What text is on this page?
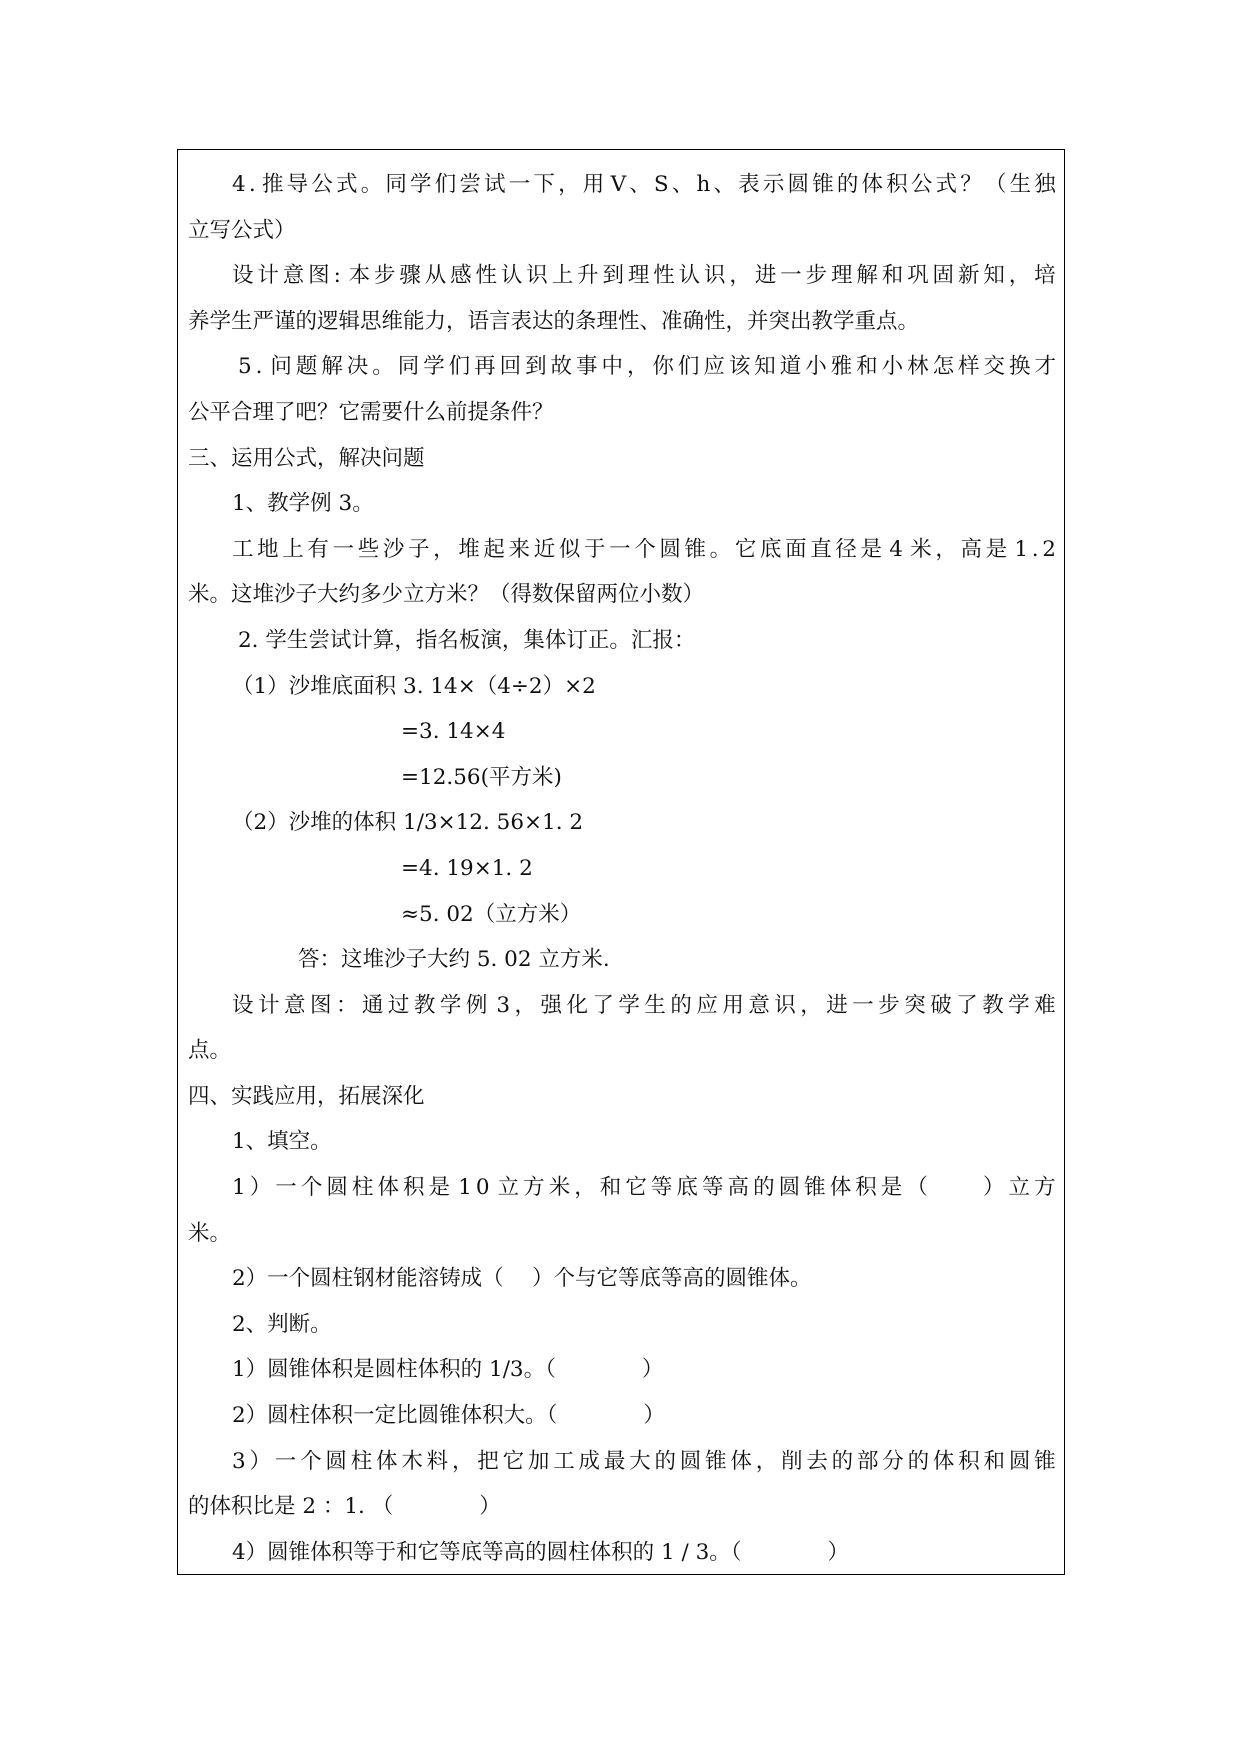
4 . 推 导 公 式 。 同 学 们 尝 试 一 下 ， 用 V 、 S 、 h 、 表 示 圆 锥 的 体 积 公 式 ？ （ 生 独
立写公式）
设 计 意 图 : 本 步 骤 从 感 性 认 识 上 升 到 理 性 认 识 ， 进 一 步 理 解 和 巩 固 新 知 ， 培
养学生严谨的逻辑思维能力，语言表达的条理性、准确性，并突出教学重点。
5 . 问 题 解 决 。 同 学 们 再 回 到 故 事 中 ， 你 们 应 该 知 道 小 雅 和 小 林 怎 样 交 换 才
公平合理了吧？它需要什么前提条件？
三、运用公式，解决问题
1、教学例 3。
工 地 上 有 一 些 沙 子 ， 堆 起 来 近 似 于 一 个 圆 锥 。 它 底 面 直 径 是 4 米 ， 高 是 1 . 2
米。这堆沙子大约多少立方米？（得数保留两位小数）
2. 学生尝试计算，指名板演，集体订正。汇报：
（1）沙堆底面积 3. 14×（4÷2）×2
=3. 14×4
=12.56(平方米)
（2）沙堆的体积 1/3×12. 56×1. 2
=4. 19×1. 2
≈5. 02（立方米）
答：这堆沙子大约 5. 02 立方米.
设 计 意 图 ： 通 过 教 学 例 3 ， 强 化 了 学 生 的 应 用 意 识 ， 进 一 步 突 破 了 教 学 难
点。
四、实践应用，拓展深化
1、填空。
1 ） 一 个 圆 柱 体 积 是 1 0 立 方 米 ， 和 它 等 底 等 高 的 圆 锥 体 积 是 （

　	） 立 方
米。
2）一个圆柱钢材能溶铸成（　 ）个与它等底等高的圆锥体。
2、判断。
1）圆锥体积是圆柱体积的 1/3。（　　　　）
2）圆柱体积一定比圆锥体积大。（　　　　）
3 ） 一 个 圆 柱 体 木 料 ， 把 它 加 工 成 最 大 的 圆 锥 体 ， 削 去 的 部 分 的 体 积 和 圆 锥
的体积比是 2 ：1. （　　　　）
4）圆锥体积等于和它等底等高的圆柱体积的 1 / 3。（　　　　）
